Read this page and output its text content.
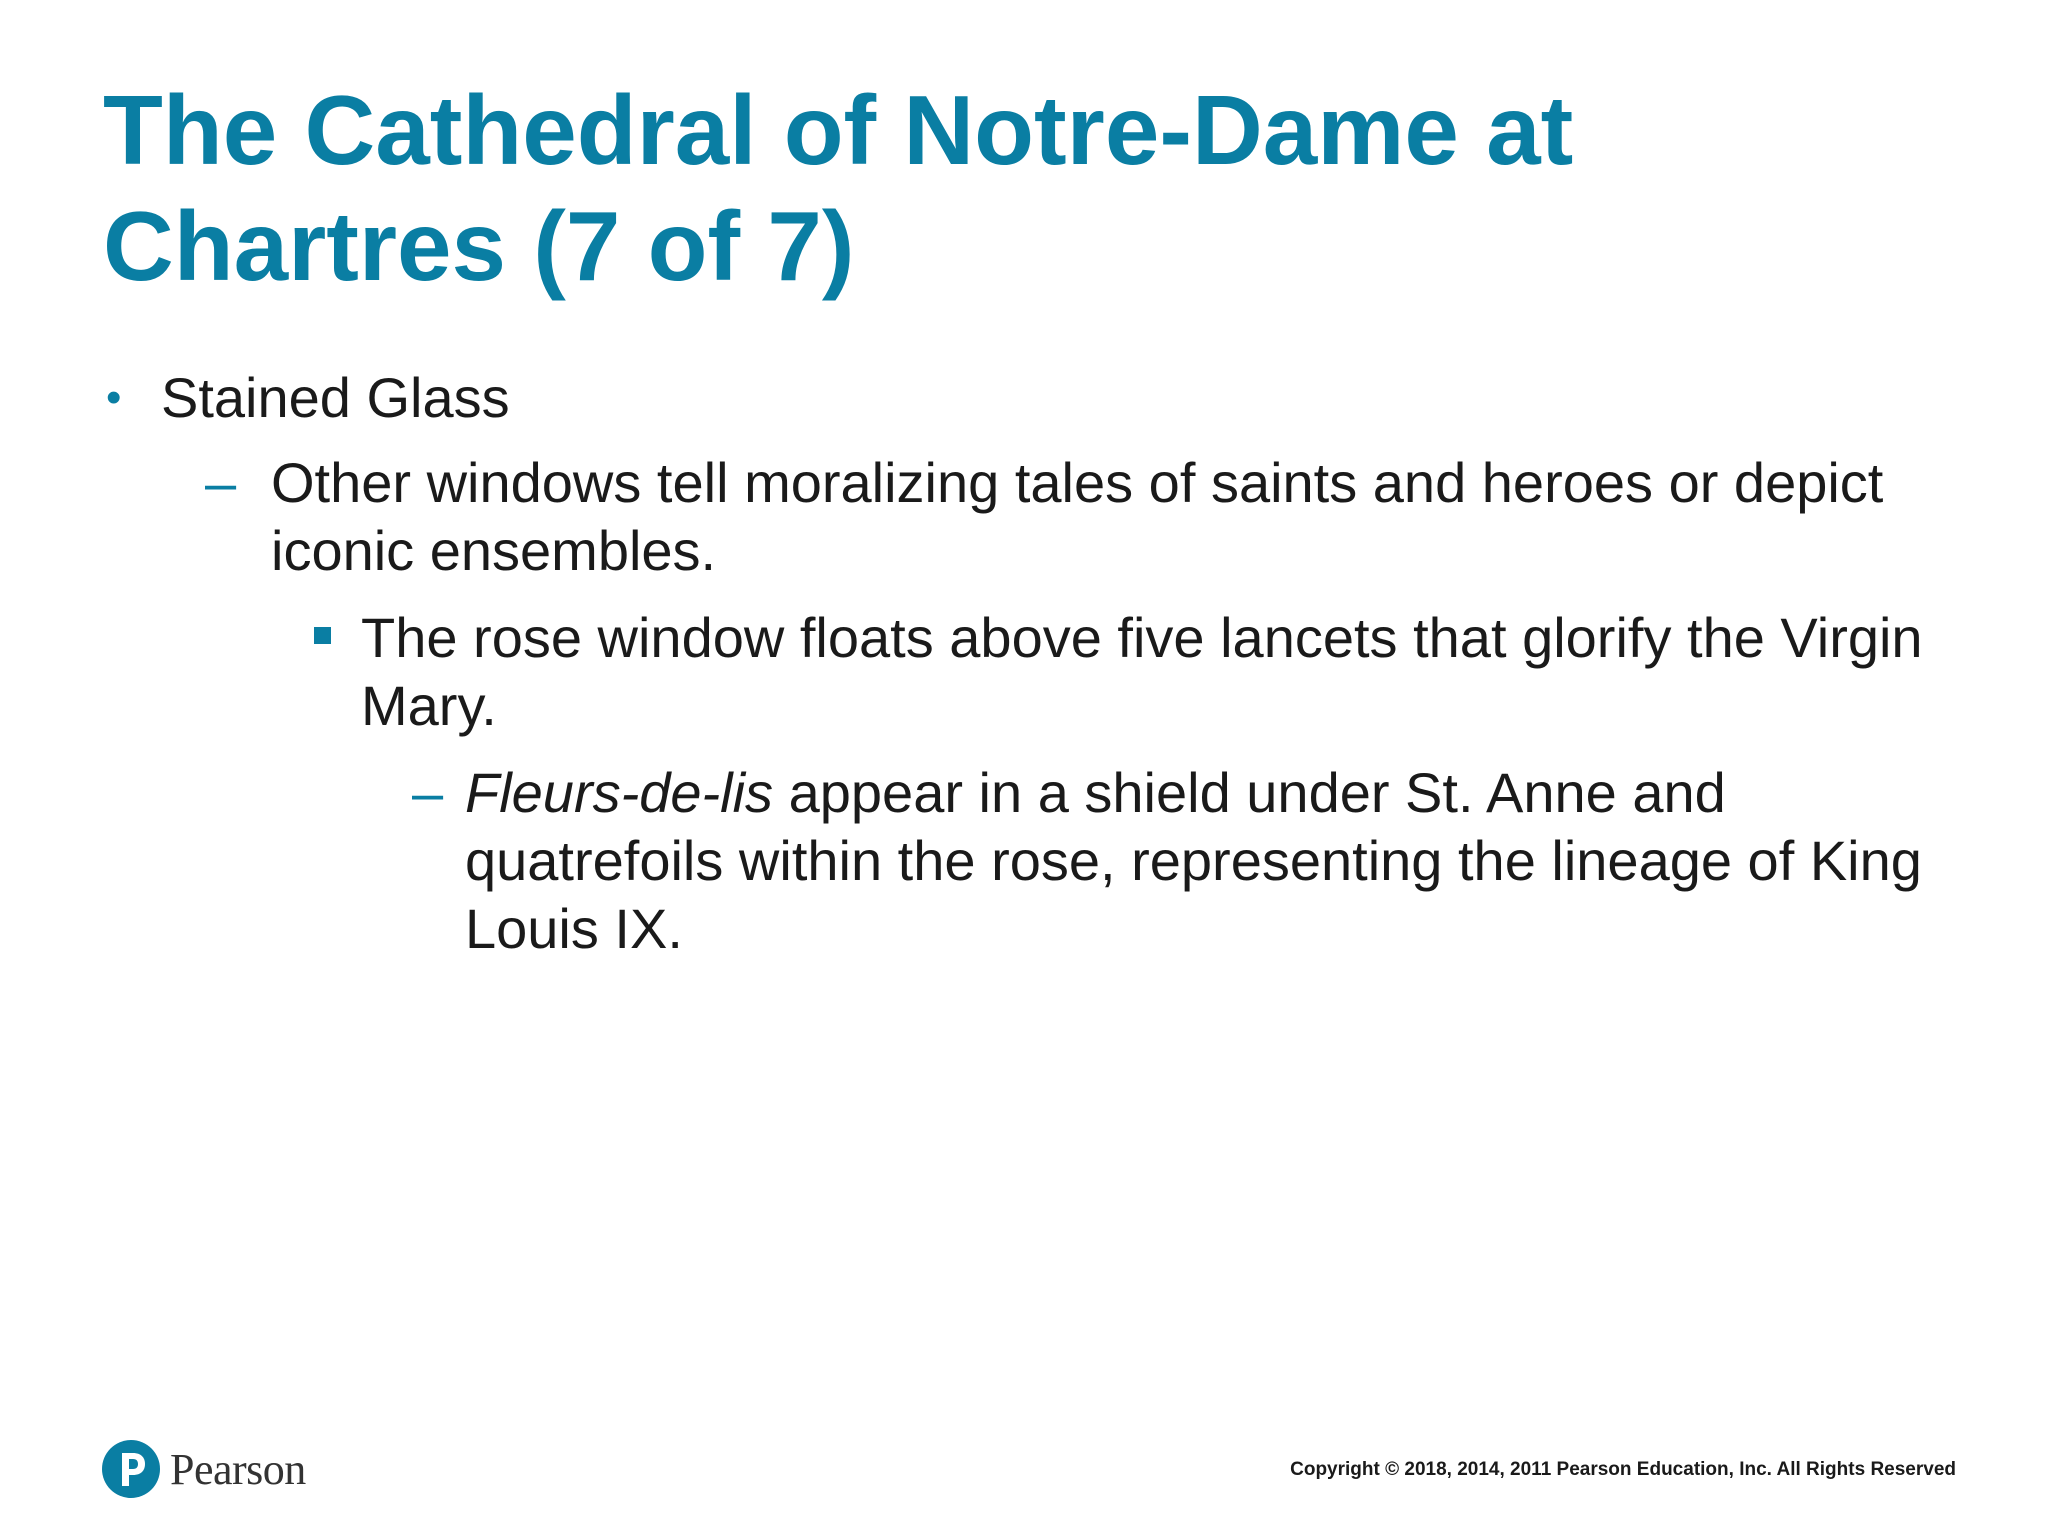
The Cathedral of Notre-Dame at Chartres (7 of 7)
• Stained Glass
– Other windows tell moralizing tales of saints and heroes or depict iconic ensembles.
The rose window floats above five lancets that glorify the Virgin Mary.
– Fleurs-de-lis appear in a shield under St. Anne and quatrefoils within the rose, representing the lineage of King Louis IX.
Pearson	Copyright © 2018, 2014, 2011 Pearson Education, Inc. All Rights Reserved
